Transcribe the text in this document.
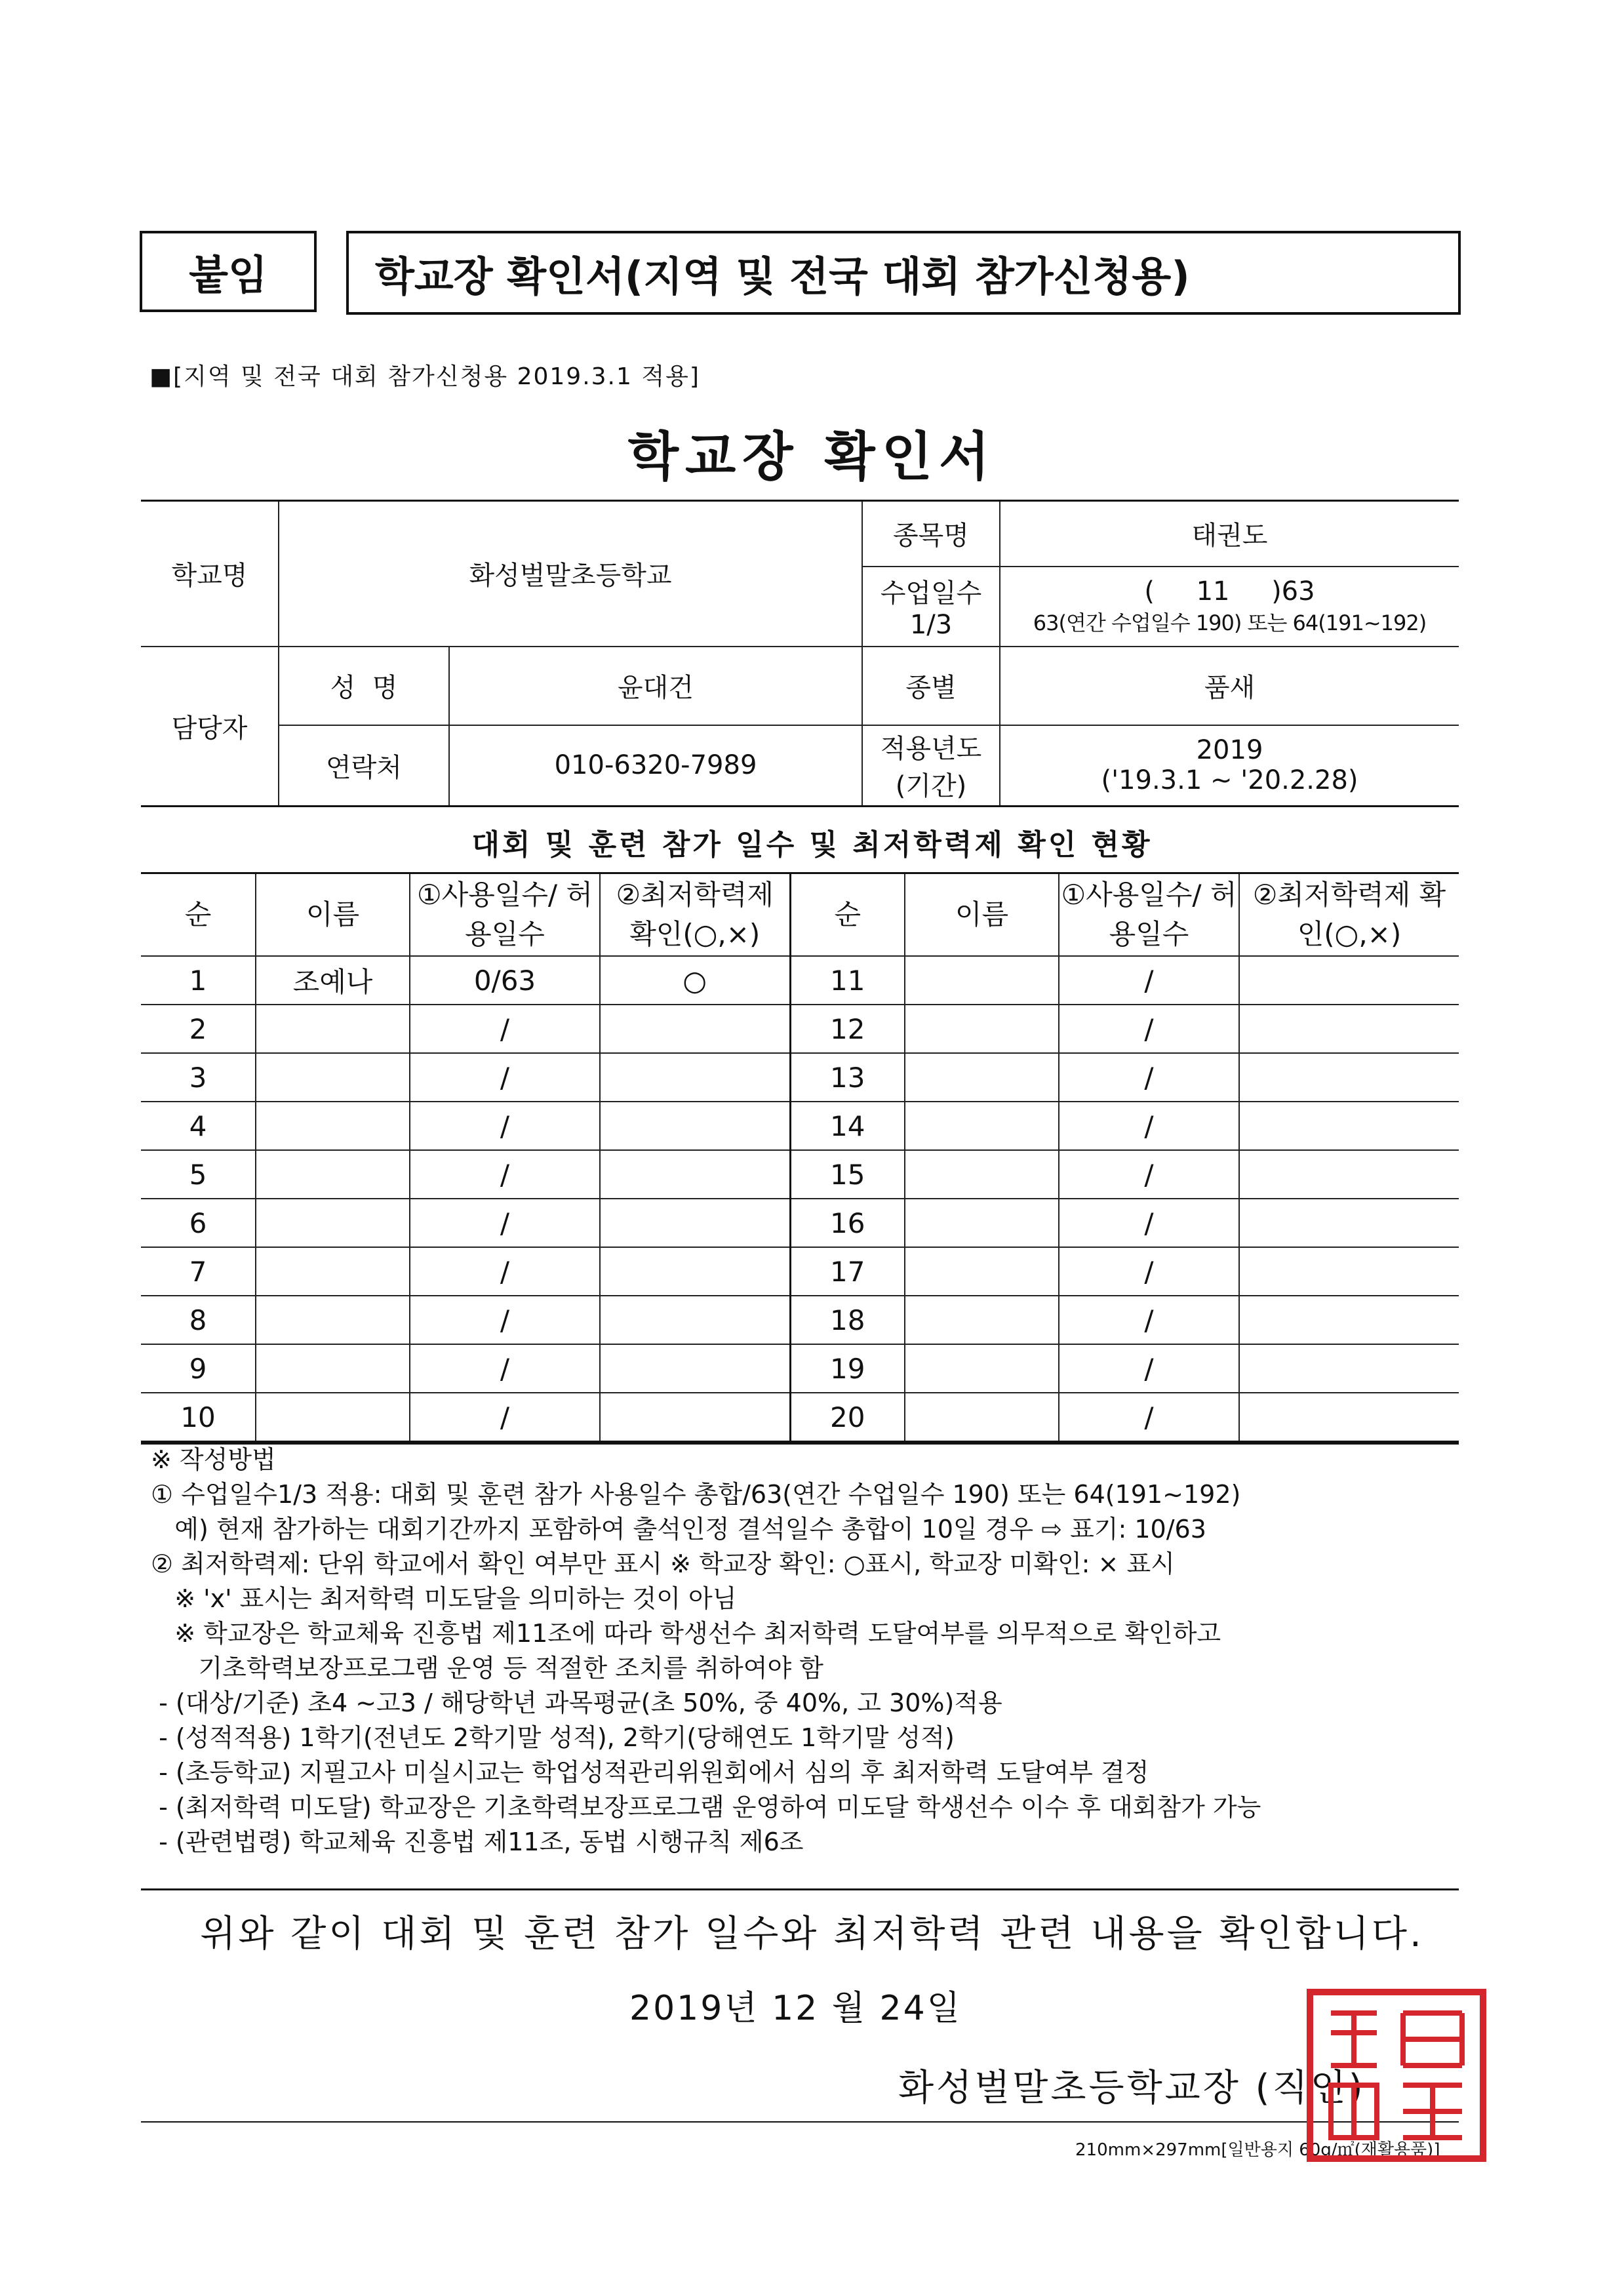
붙임	학교장 확인서(지역 및 전국 대회 참가신청용)
■[지역 및 전국 대회 참가신청용 2019.3.1 적용]
학교장 확인서
학교명	화성벌말초등학교		종목명	태권도
			수업일수 1/3	(     11     )63
63(연간 수업일수 190) 또는 64(191~192)

담당자	성  명	윤대건	종별	품새
	연락처	010-6320-7989	적용년도 (기간)	2019
('19.3.1 ~ '20.2.28)
대회 및 훈련 참가 일수 및 최저학력제 확인 현황
순	이름	①사용일수/ 허용일수	②최저학력제 확인(○,×)	순	이름	①사용일수/ 허용일수	②최저학력제 확인(○,×)
1	조예나	0/63	○	11		/	
2		/		12		/	
3		/		13		/	
4		/		14		/	
5		/		15		/	
6		/		16		/	
7		/		17		/	
8		/		18		/	
9		/		19		/	
10		/		20		/	
※ 작성방법
① 수업일수1/3 적용: 대회 및 훈련 참가 사용일수 총합/63(연간 수업일수 190) 또는 64(191~192)
예) 현재 참가하는 대회기간까지 포함하여 출석인정 결석일수 총합이 10일 경우 ⇨ 표기: 10/63
② 최저학력제: 단위 학교에서 확인 여부만 표시 ※ 학교장 확인: ○표시, 학교장 미확인: × 표시
※ 'x' 표시는 최저학력 미도달을 의미하는 것이 아님
※ 학교장은 학교체육 진흥법 제11조에 따라 학생선수 최저학력 도달여부를 의무적으로 확인하고
기초학력보장프로그램 운영 등 적절한 조치를 취하여야 함
- (대상/기준) 초4 ~고3 / 해당학년 과목평균(초 50%, 중 40%, 고 30%)적용
- (성적적용) 1학기(전년도 2학기말 성적), 2학기(당해연도 1학기말 성적)
- (초등학교) 지필고사 미실시교는 학업성적관리위원회에서 심의 후 최저학력 도달여부 결정
- (최저학력 미도달) 학교장은 기초학력보장프로그램 운영하여 미도달 학생선수 이수 후 대회참가 가능
- (관련법령) 학교체육 진흥법 제11조, 동법 시행규칙 제6조
위와 같이 대회 및 훈련 참가 일수와 최저학력 관련 내용을 확인합니다.
2019년 12 월 24일
화성벌말초등학교장 (직인)
210mm×297mm[일반용지 60g/㎡(재활용품)]
